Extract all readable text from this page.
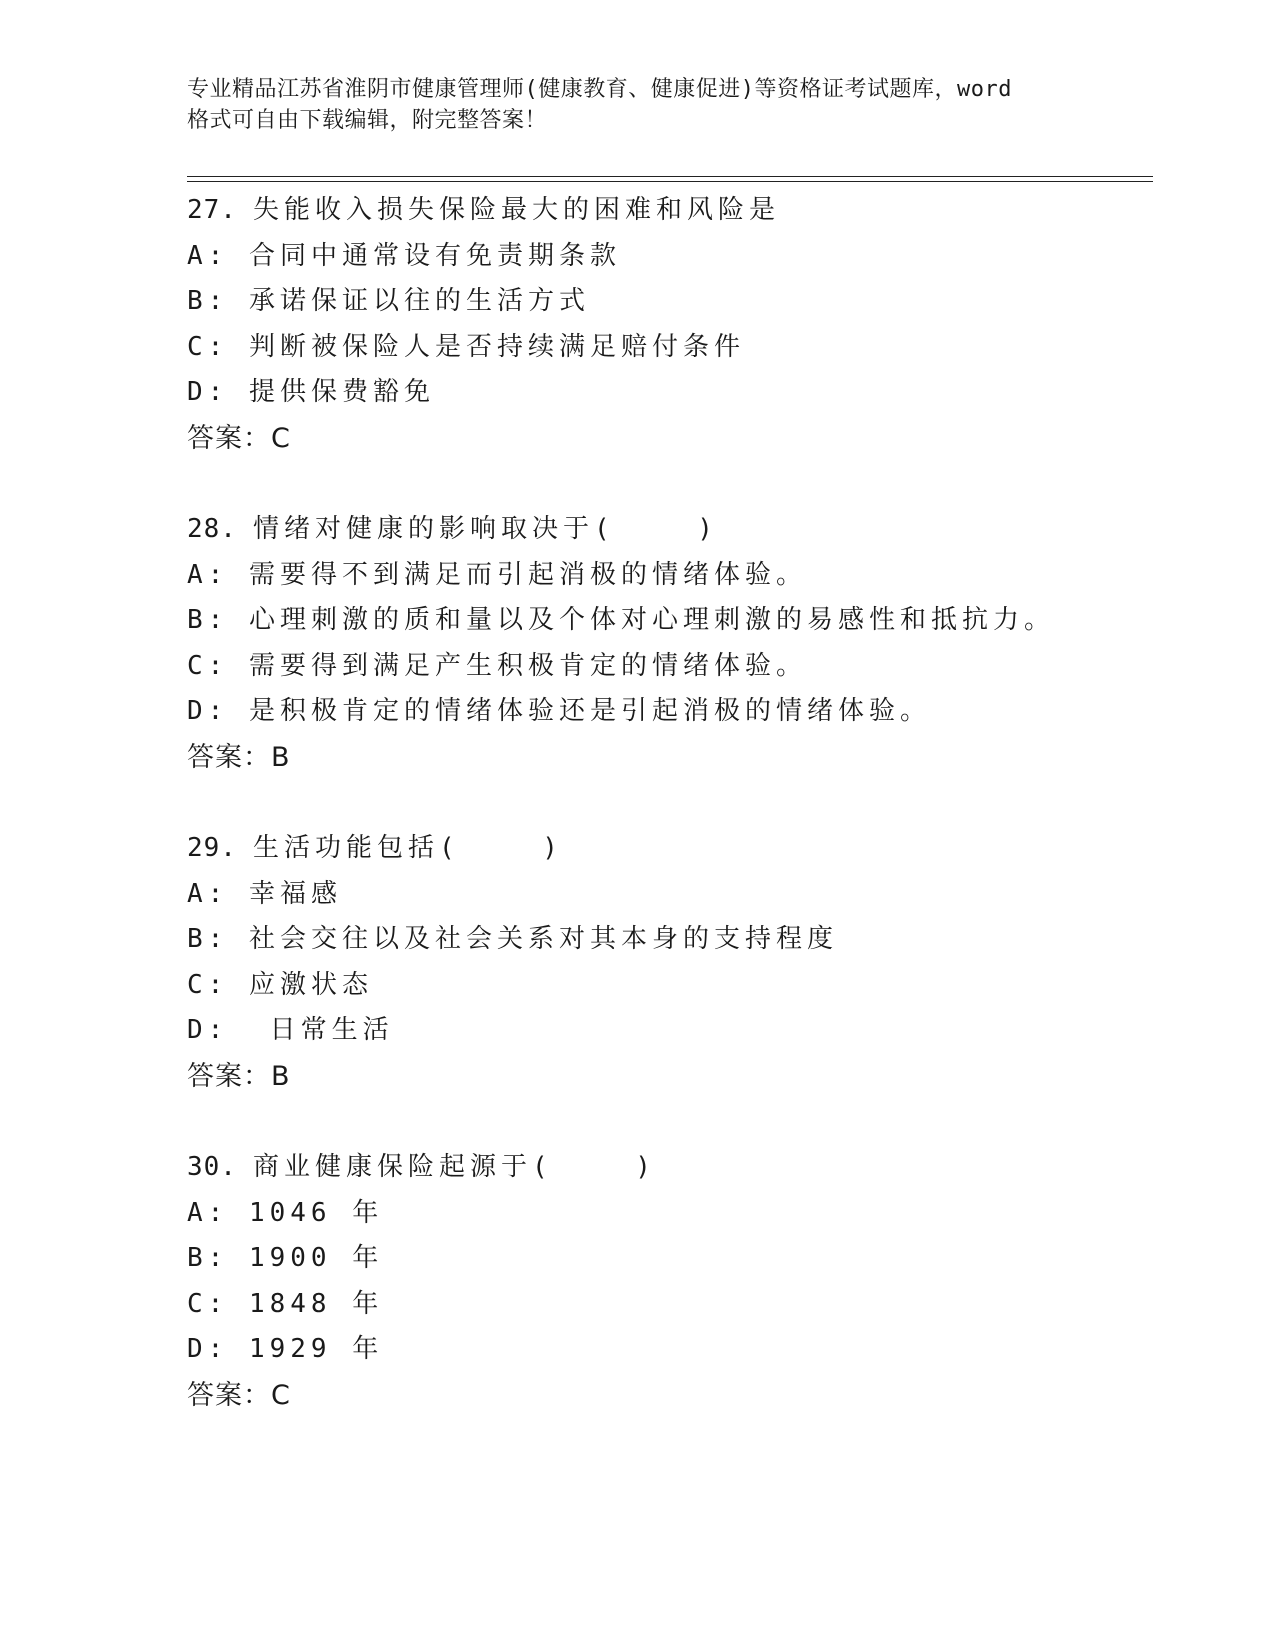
专业精品江苏省淮阴市健康管理师(健康教育、健康促进)等资格证考试题库，word
格式可自由下载编辑，附完整答案！
27. 失能收入损失保险最大的困难和风险是
A: 合同中通常设有免责期条款
B: 承诺保证以往的生活方式
C: 判断被保险人是否持续满足赔付条件
D: 提供保费豁免
答案：C
28. 情绪对健康的影响取决于(    )
A: 需要得不到满足而引起消极的情绪体验。
B: 心理刺激的质和量以及个体对心理刺激的易感性和抵抗力。
C: 需要得到满足产生积极肯定的情绪体验。
D: 是积极肯定的情绪体验还是引起消极的情绪体验。
答案：B
29. 生活功能包括(    )
A: 幸福感
B: 社会交往以及社会关系对其本身的支持程度
C: 应激状态
D:  日常生活
答案：B
30. 商业健康保险起源于(    )
A: 1046 年
B: 1900 年
C: 1848 年
D: 1929 年
答案：C
